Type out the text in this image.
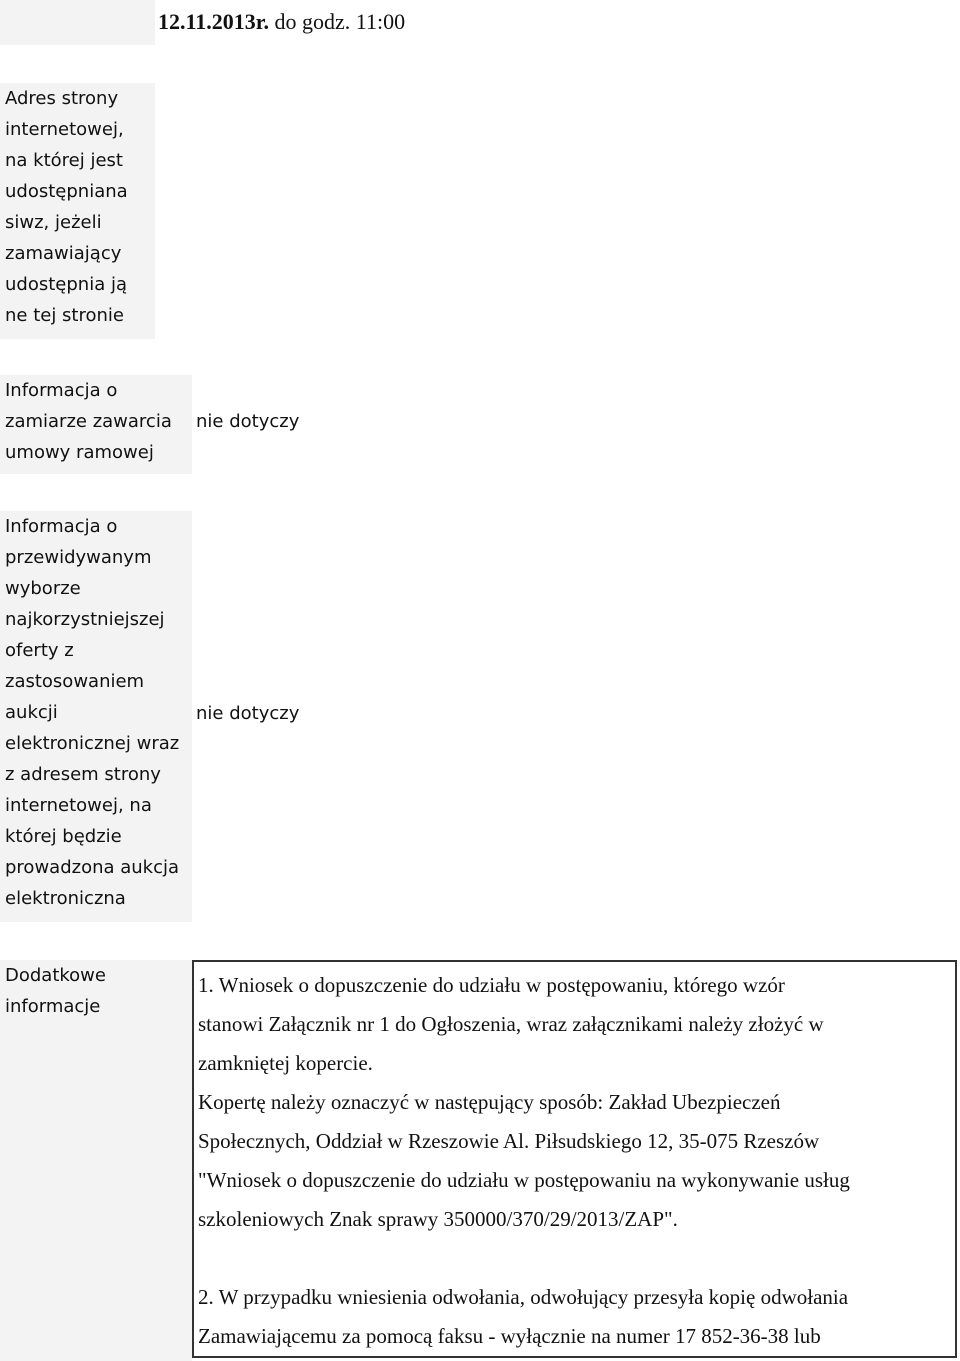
12.11.2013r. do godz. 11:00
Adres strony
internetowej,
na której jest
udostępniana
siwz, jeżeli
zamawiający
udostępnia ją
ne tej stronie
Informacja o
zamiarze zawarcia
umowy ramowej
nie dotyczy
Informacja o
przewidywanym
wyborze
najkorzystniejszej
oferty z
zastosowaniem
aukcji
elektronicznej wraz
z adresem strony
internetowej, na
której będzie
prowadzona aukcja
elektroniczna
nie dotyczy
Dodatkowe
informacje

1. Wniosek o dopuszczenie do udziału w postępowaniu, którego wzór

stanowi Załącznik nr 1 do Ogłoszenia, wraz załącznikami należy złożyć w

zamkniętej kopercie.

Kopertę należy oznaczyć w następujący sposób: Zakład Ubezpieczeń

Społecznych, Oddział w Rzeszowie Al. Piłsudskiego 12, 35-075 Rzeszów

"Wniosek o dopuszczenie do udziału w postępowaniu na wykonywanie usług

szkoleniowych Znak sprawy 350000/370/29/2013/ZAP".

2. W przypadku wniesienia odwołania, odwołujący przesyła kopię odwołania

Zamawiającemu za pomocą faksu - wyłącznie na numer 17 852-36-38 lub
